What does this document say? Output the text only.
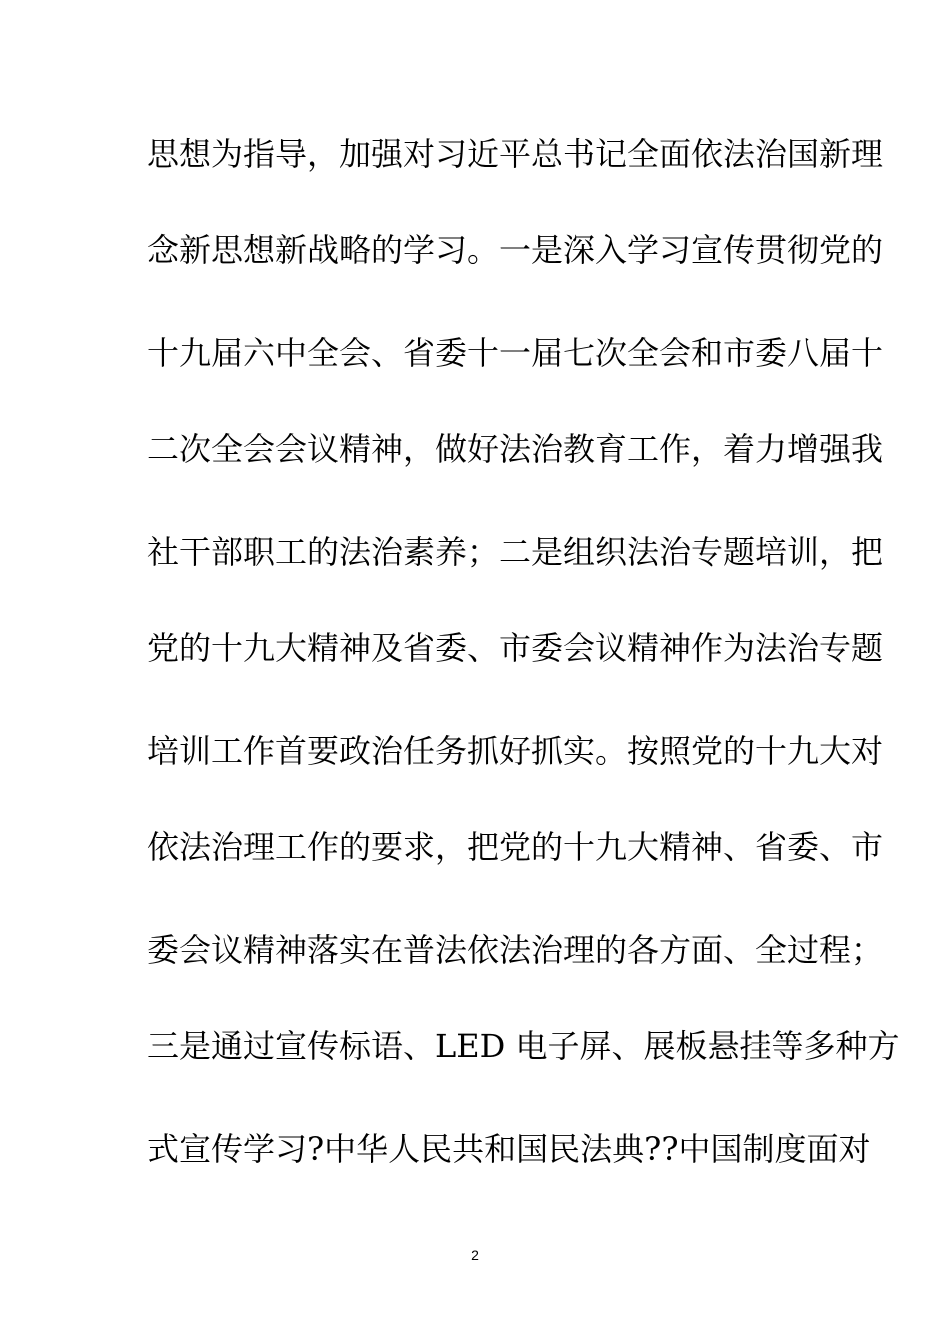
思想为指导，加强对习近平总书记全面依法治国新理
念新思想新战略的学习。一是深入学习宣传贯彻党的
十九届六中全会、省委十一届七次全会和市委八届十
二次全会会议精神，做好法治教育工作，着力增强我
社干部职工的法治素养；二是组织法治专题培训，把
党的十九大精神及省委、市委会议精神作为法治专题
培训工作首要政治任务抓好抓实。按照党的十九大对
依法治理工作的要求，把党的十九大精神、省委、市
委会议精神落实在普法依法治理的各方面、全过程；
三是通过宣传标语、LED 电子屏、展板悬挂等多种方
式宣传学习?中华人民共和国民法典??中国制度面对
2
